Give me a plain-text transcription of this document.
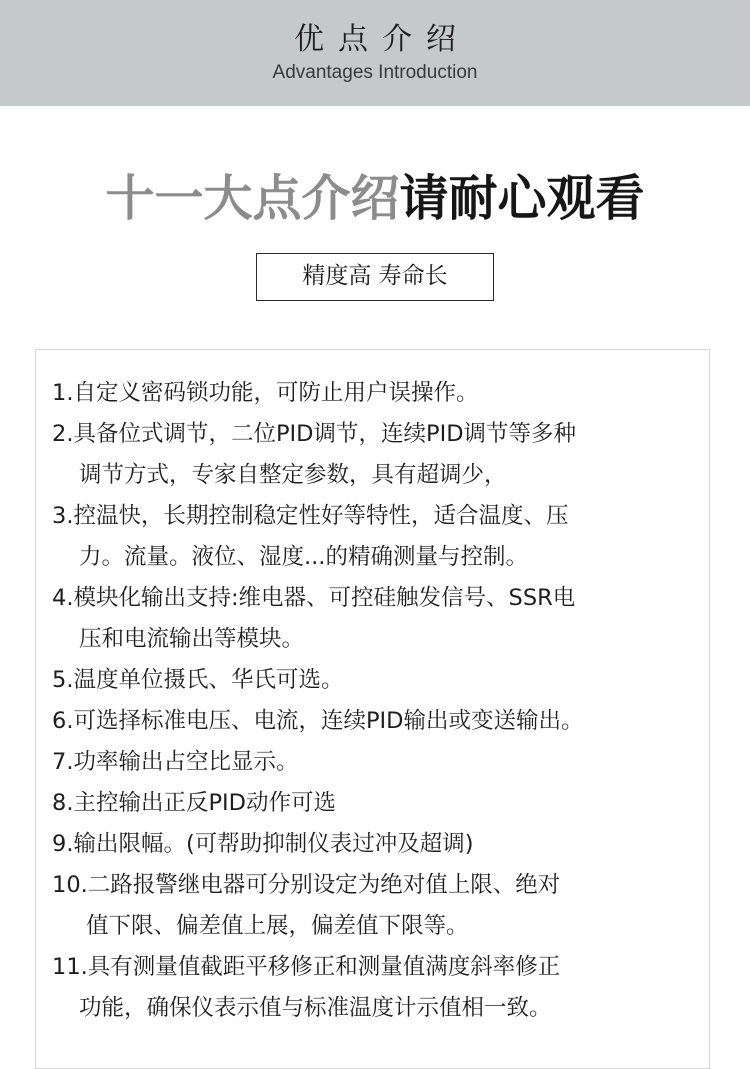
优点介绍
Advantages Introduction
十一大点介绍请耐心观看
精度高 寿命长
1.自定义密码锁功能，可防止用户误操作。
2.具备位式调节，二位PID调节，连续PID调节等多种
调节方式，专家自整定参数，具有超调少，
3.控温快，长期控制稳定性好等特性，适合温度、压
力。流量。液位、湿度...的精确测量与控制。
4.模块化输出支持:维电器、可控硅触发信号、SSR电
压和电流输出等模块。
5.温度单位摄氏、华氏可选。
6.可选择标准电压、电流，连续PID输出或变送输出。
7.功率输出占空比显示。
8.主控输出正反PID动作可选
9.输出限幅。(可帮助抑制仪表过冲及超调)
10.二路报警继电器可分别设定为绝对值上限、绝对
值下限、偏差值上展，偏差值下限等。
11.具有测量值截距平移修正和测量值满度斜率修正
功能，确保仪表示值与标准温度计示值相一致。
